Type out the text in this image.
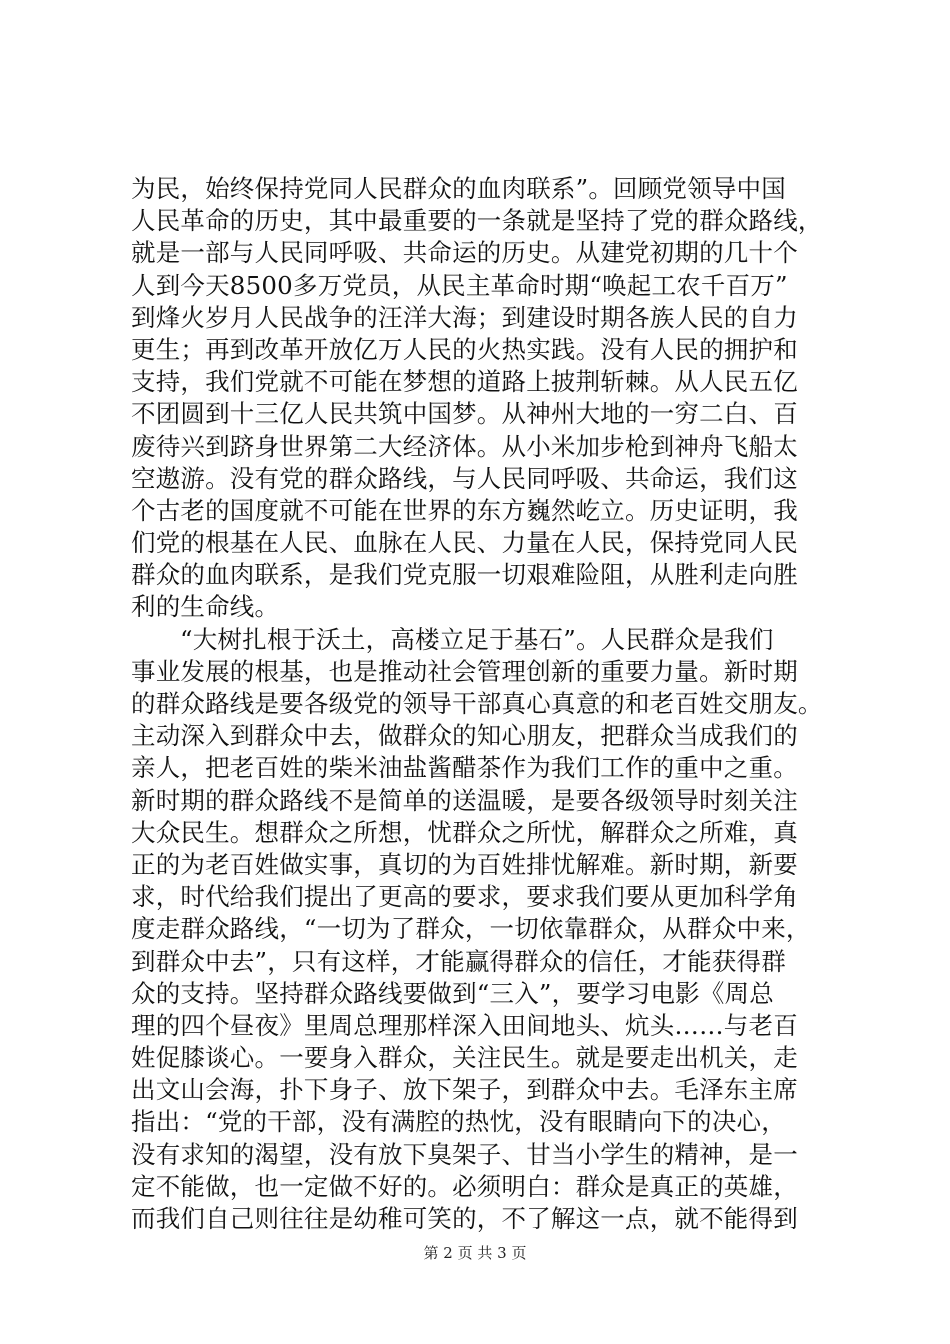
为民，始终保持党同人民群众的血肉联系”。回顾党领导中国
人民革命的历史，其中最重要的一条就是坚持了党的群众路线，
就是一部与人民同呼吸、共命运的历史。从建党初期的几十个
人到今天8500多万党员，从民主革命时期“唤起工农千百万”
到烽火岁月人民战争的汪洋大海；到建设时期各族人民的自力
更生；再到改革开放亿万人民的火热实践。没有人民的拥护和
支持，我们党就不可能在梦想的道路上披荆斩棘。从人民五亿
不团圆到十三亿人民共筑中国梦。从神州大地的一穷二白、百
废待兴到跻身世界第二大经济体。从小米加步枪到神舟飞船太
空遨游。没有党的群众路线，与人民同呼吸、共命运，我们这
个古老的国度就不可能在世界的东方巍然屹立。历史证明，我
们党的根基在人民、血脉在人民、力量在人民，保持党同人民
群众的血肉联系，是我们党克服一切艰难险阻，从胜利走向胜
利的生命线。
“大树扎根于沃土，高楼立足于基石”。人民群众是我们
事业发展的根基，也是推动社会管理创新的重要力量。新时期
的群众路线是要各级党的领导干部真心真意的和老百姓交朋友。
主动深入到群众中去，做群众的知心朋友，把群众当成我们的
亲人，把老百姓的柴米油盐酱醋茶作为我们工作的重中之重。
新时期的群众路线不是简单的送温暖，是要各级领导时刻关注
大众民生。想群众之所想，忧群众之所忧，解群众之所难，真
正的为老百姓做实事，真切的为百姓排忧解难。新时期，新要
求，时代给我们提出了更高的要求，要求我们要从更加科学角
度走群众路线，“一切为了群众，一切依靠群众，从群众中来，
到群众中去”，只有这样，才能赢得群众的信任，才能获得群
众的支持。坚持群众路线要做到“三入”，要学习电影《周总
理的四个昼夜》里周总理那样深入田间地头、炕头……与老百
姓促膝谈心。一要身入群众，关注民生。就是要走出机关，走
出文山会海，扑下身子、放下架子，到群众中去。毛泽东主席
指出：“党的干部，没有满腔的热忱，没有眼睛向下的决心，
没有求知的渴望，没有放下臭架子、甘当小学生的精神，是一
定不能做，也一定做不好的。必须明白：群众是真正的英雄，
而我们自己则往往是幼稚可笑的，不了解这一点，就不能得到
第 2 页 共 3 页
